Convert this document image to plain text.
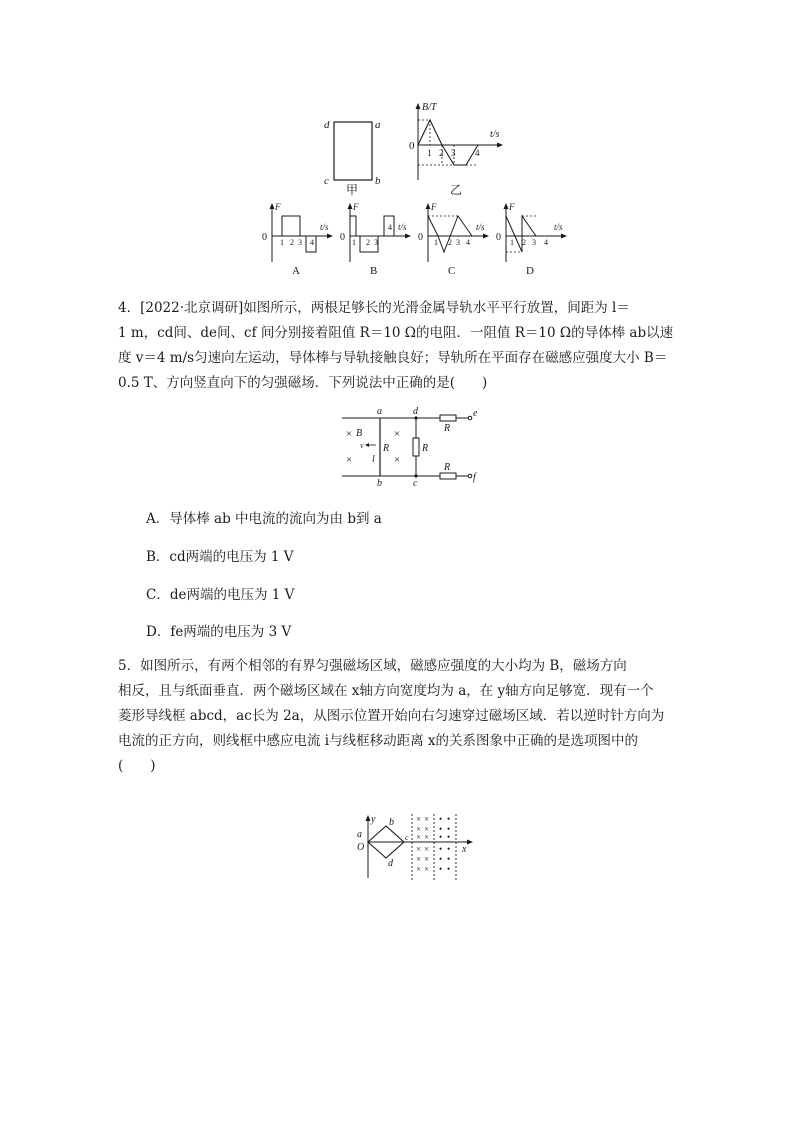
d	a
c	b
甲
B/T
t/s
0
1 2 3 4
乙
F
t/s
0 1 2 3 4
A
F
t/s
0 1 2 3
4
B
F
t/s
0 1 2 3 4
C
F
t/s
0 1 2 3 4
D
4．[2022·北京调研]如图所示，两根足够长的光滑金属导轨水平平行放置，间距为 l＝
1 m，cd间、de间、cf 间分别接着阻值 R＝10 Ω的电阻．一阻值 R＝10 Ω的导体棒 ab以速
度 v＝4 m/s匀速向左运动，导体棒与导轨接触良好；导轨所在平面存在磁感应强度大小 B＝
0.5 T、方向竖直向下的匀强磁场．下列说法中正确的是(　　)
a	d	e
b	c
f
× B	×
×	×
v R
l
R
R
R
A．导体棒 ab 中电流的流向为由 b到 a
B．cd两端的电压为 1 V
C．de两端的电压为 1 V
D．fe两端的电压为 3 V
5．如图所示，有两个相邻的有界匀强磁场区域，磁感应强度的大小均为 B，磁场方向
相反，且与纸面垂直．两个磁场区域在 x轴方向宽度均为 a，在 y轴方向足够宽．现有一个
菱形导线框 abcd，ac长为 2a，从图示位置开始向右匀速穿过磁场区域．若以逆时针方向为
电流的正方向，则线框中感应电流 i与线框移动距离 x的关系图象中正确的是选项图中的
(　　)
y
x
a
O
b
c
d
× ×
× ×
× ×
× ×
× ×
× ×
• •
• •
• •
• •
• •
• •
